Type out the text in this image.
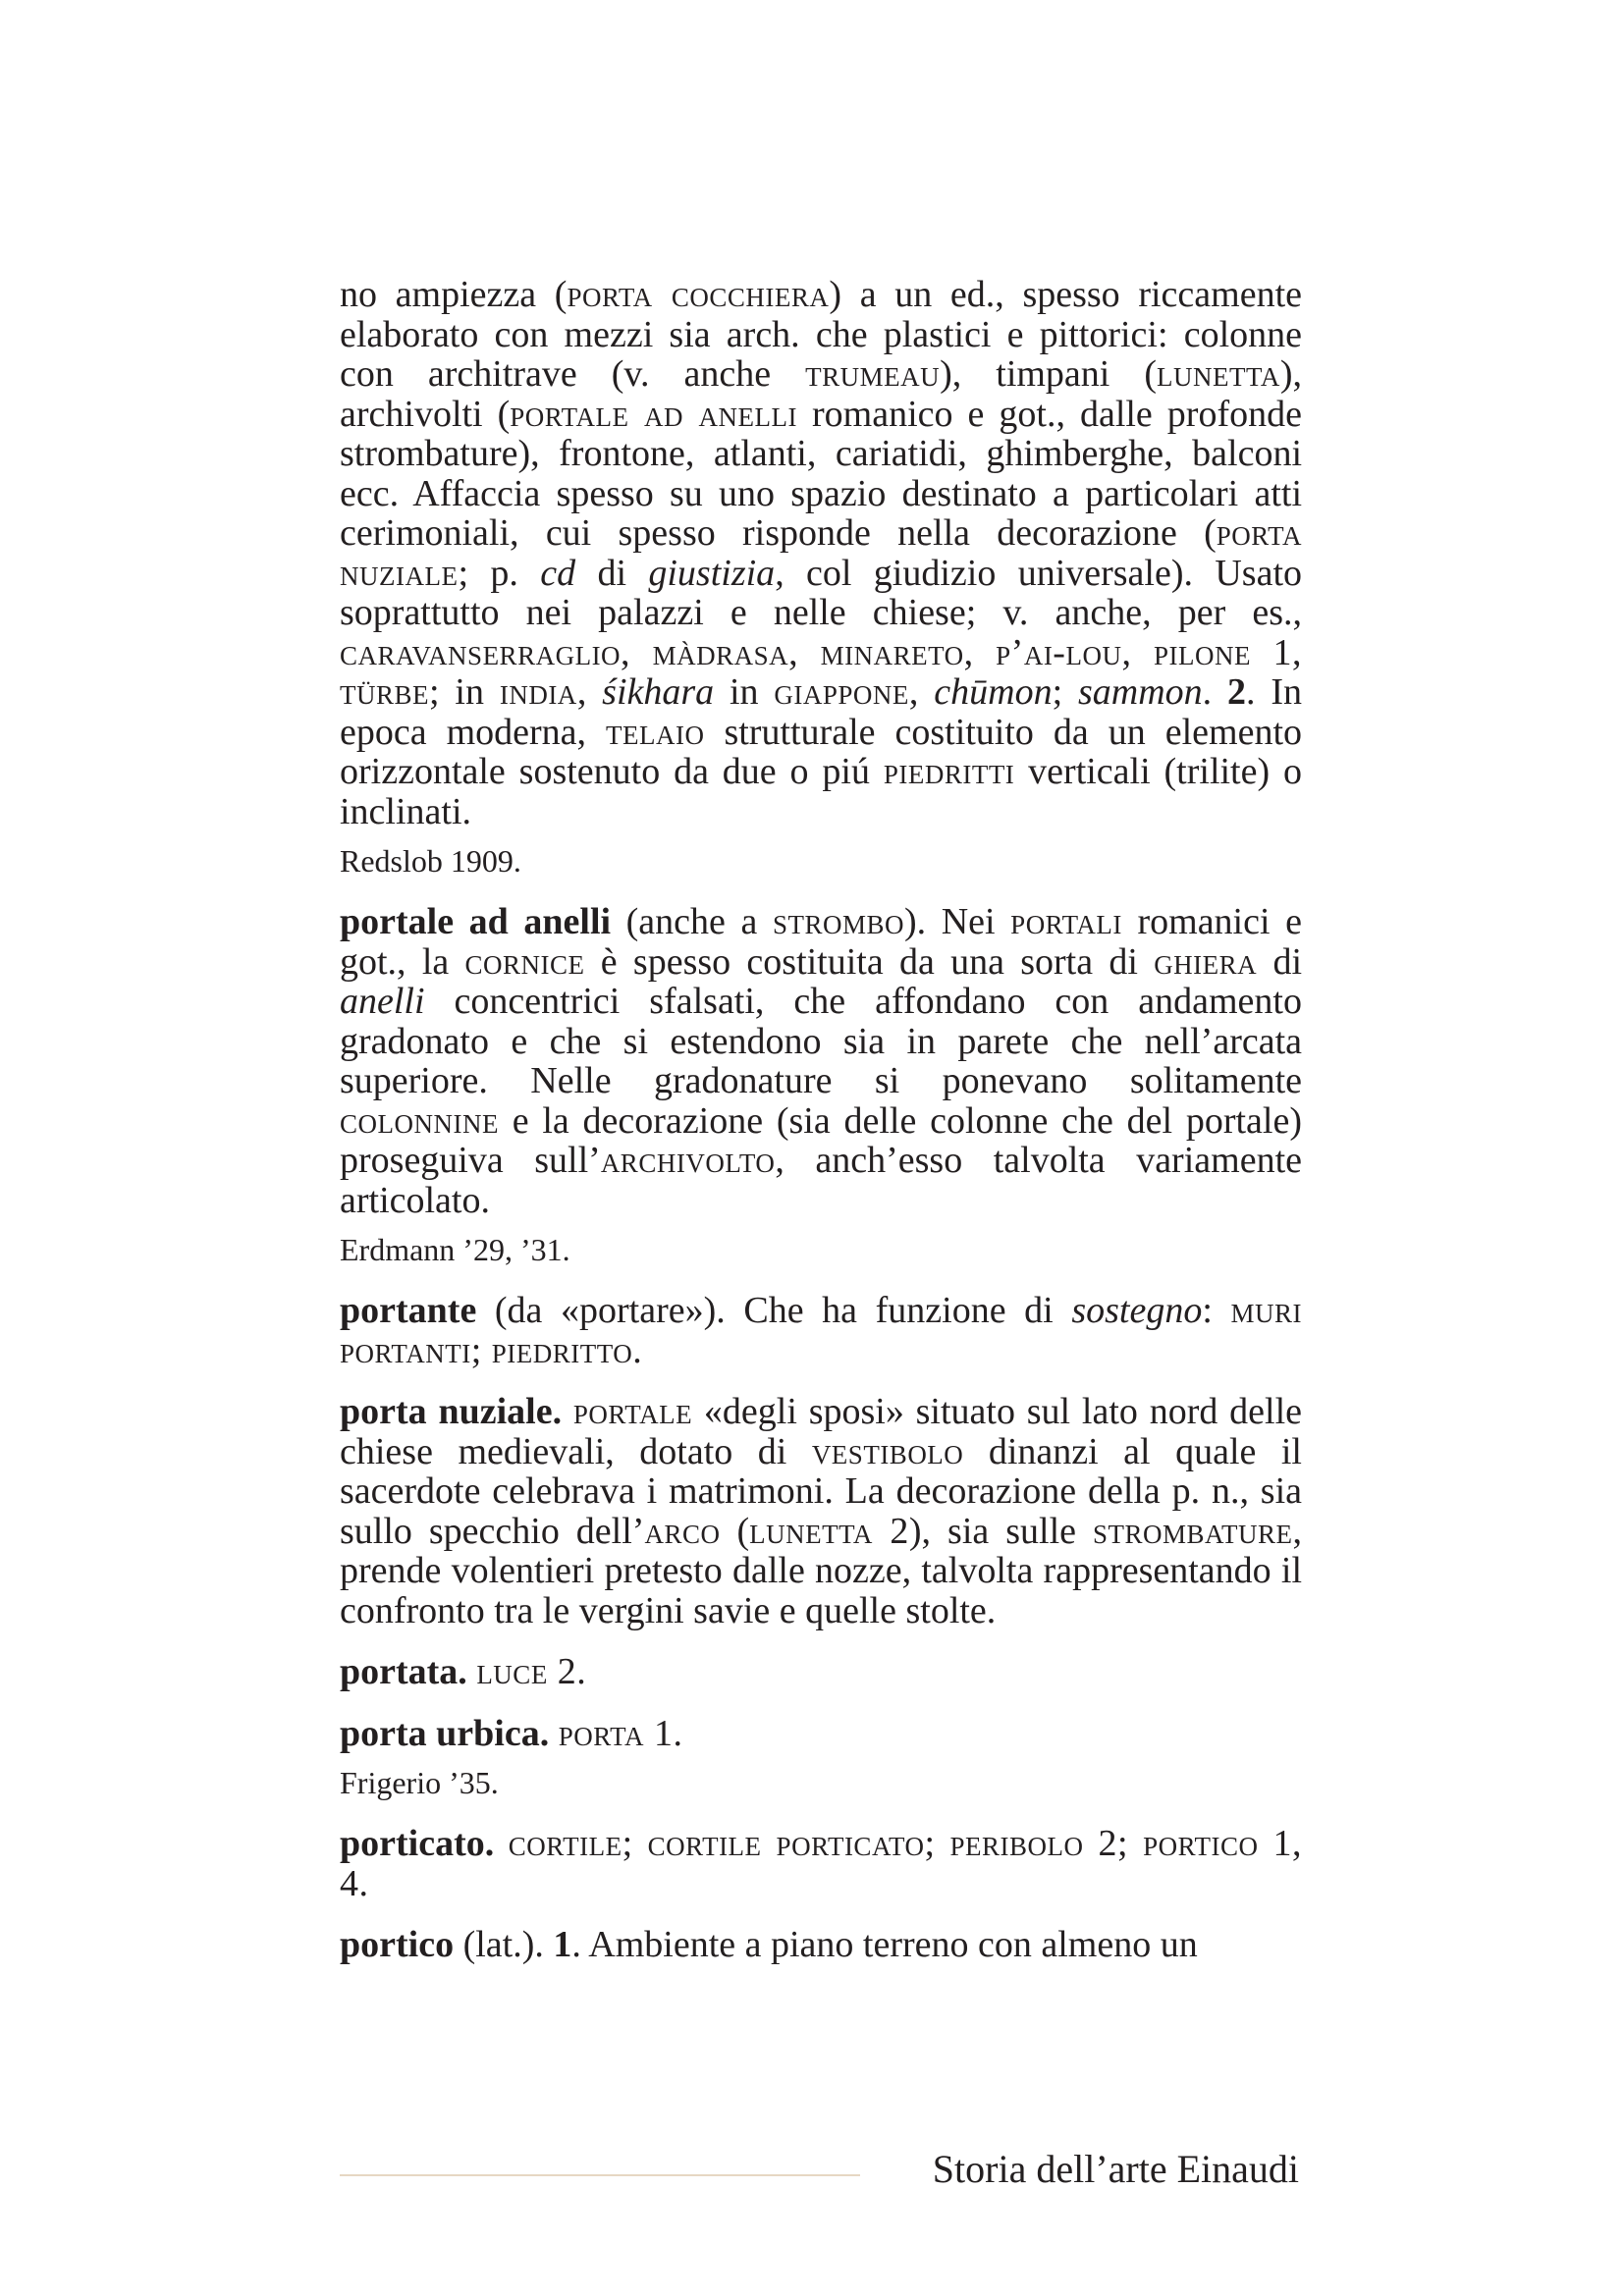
no ampiezza (porta cocchiera) a un ed., spesso riccamente elaborato con mezzi sia arch. che plastici e pittorici: colonne con architrave (v. anche trumeau), timpani (lunetta), archivolti (portale ad anelli romanico e got., dalle profonde strombature), frontone, atlanti, cariatidi, ghimberghe, balconi ecc. Affaccia spesso su uno spazio destinato a particolari atti cerimoniali, cui spesso risponde nella decorazione (porta nuziale; p. cd di giustizia, col giudizio universale). Usato soprattutto nei palazzi e nelle chiese; v. anche, per es., caravanserraglio, màdrasa, minareto, p’ai-lou, pilone 1, türbe; in india, śikhara in giappone, chūmon; sammon. 2. In epoca moderna, telaio strutturale costituito da un elemento orizzontale sostenuto da due o piú piedritti verticali (trilite) o inclinati.

Redslob 1909.

portale ad anelli (anche a strombo). Nei portali romanici e got., la cornice è spesso costituita da una sorta di ghiera di anelli concentrici sfalsati, che affondano con andamento gradonato e che si estendono sia in parete che nell’arcata superiore. Nelle gradonature si ponevano solitamente colonnine e la decorazione (sia delle colonne che del portale) proseguiva sull’archivolto, anch’esso talvolta variamente articolato.

Erdmann ’29, ’31.

portante (da «portare»). Che ha funzione di sostegno: muri portanti; piedritto.

porta nuziale. portale «degli sposi» situato sul lato nord delle chiese medievali, dotato di vestibolo dinanzi al quale il sacerdote celebrava i matrimoni. La decorazione della p. n., sia sullo specchio dell’arco (lunetta 2), sia sulle strombature, prende volentieri pretesto dalle nozze, talvolta rappresentando il confronto tra le vergini savie e quelle stolte.

portata. luce 2.

porta urbica. porta 1.

Frigerio ’35.

porticato. cortile; cortile porticato; peribolo 2; portico 1, 4.

portico (lat.). 1. Ambiente a piano terreno con almeno un

Storia dell’arte Einaudi
